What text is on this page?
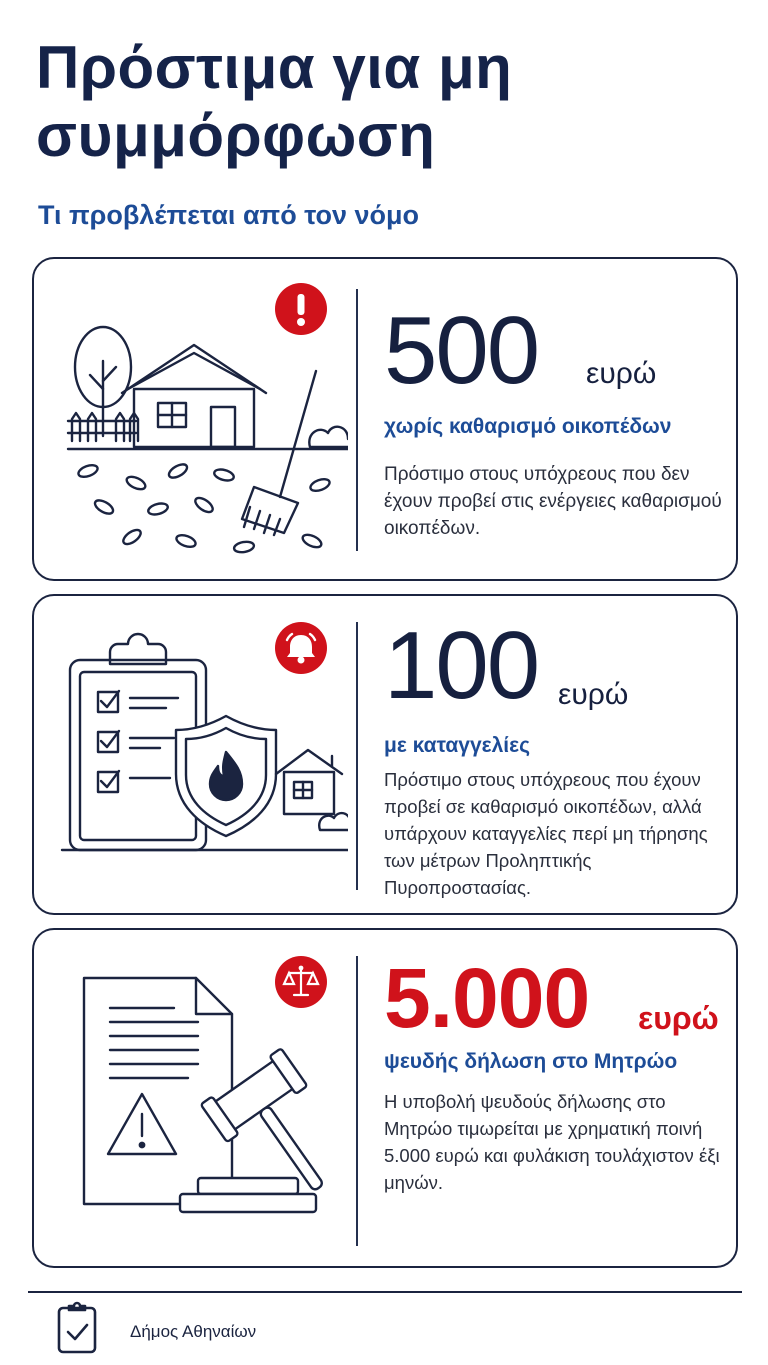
Πρόστιμα για μη συμμόρφωση
Τι προβλέπεται από τον νόμο
500 ευρώ
χωρίς καθαρισμό οικοπέδων
Πρόστιμο στους υπόχρεους που δεν έχουν προβεί στις ενέργειες καθαρισμού οικοπέδων.
100 ευρώ
με καταγγελίες
Πρόστιμο στους υπόχρεους που έχουν προβεί σε καθαρισμό οικοπέδων, αλλά υπάρχουν καταγγελίες περί μη τήρησης των μέτρων Προληπτικής Πυροπροστασίας.
5.000 ευρώ
ψευδής δήλωση στο Μητρώο
Η υποβολή ψευδούς δήλωσης στο Μητρώο τιμωρείται με χρηματική ποινή 5.000 ευρώ και φυλάκιση τουλάχιστον έξι μηνών.
Δήμος Αθηναίων
